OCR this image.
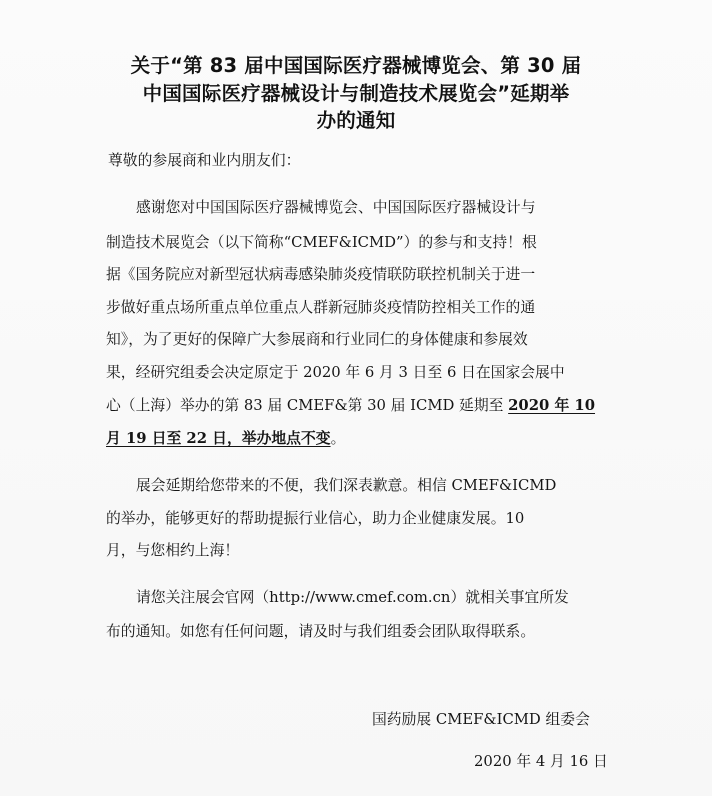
关于“第 83 届中国国际医疗器械博览会、第 30 届
中国国际医疗器械设计与制造技术展览会”延期举
办的通知
尊敬的参展商和业内朋友们：
感谢您对中国国际医疗器械博览会、中国国际医疗器械设计与
制造技术展览会（以下简称“CMEF&ICMD”）的参与和支持！根
据《国务院应对新型冠状病毒感染肺炎疫情联防联控机制关于进一
步做好重点场所重点单位重点人群新冠肺炎疫情防控相关工作的通
知》，为了更好的保障广大参展商和行业同仁的身体健康和参展效
果，经研究组委会决定原定于 2020 年 6 月 3 日至 6 日在国家会展中
心（上海）举办的第 83 届 CMEF&第 30 届 ICMD 延期至 2020 年 10
月 19 日至 22 日，举办地点不变。
展会延期给您带来的不便，我们深表歉意。相信 CMEF&ICMD
的举办，能够更好的帮助提振行业信心，助力企业健康发展。10
月，与您相约上海！
请您关注展会官网（http://www.cmef.com.cn）就相关事宜所发
布的通知。如您有任何问题，请及时与我们组委会团队取得联系。
国药励展 CMEF&ICMD 组委会
2020 年 4 月 16 日
